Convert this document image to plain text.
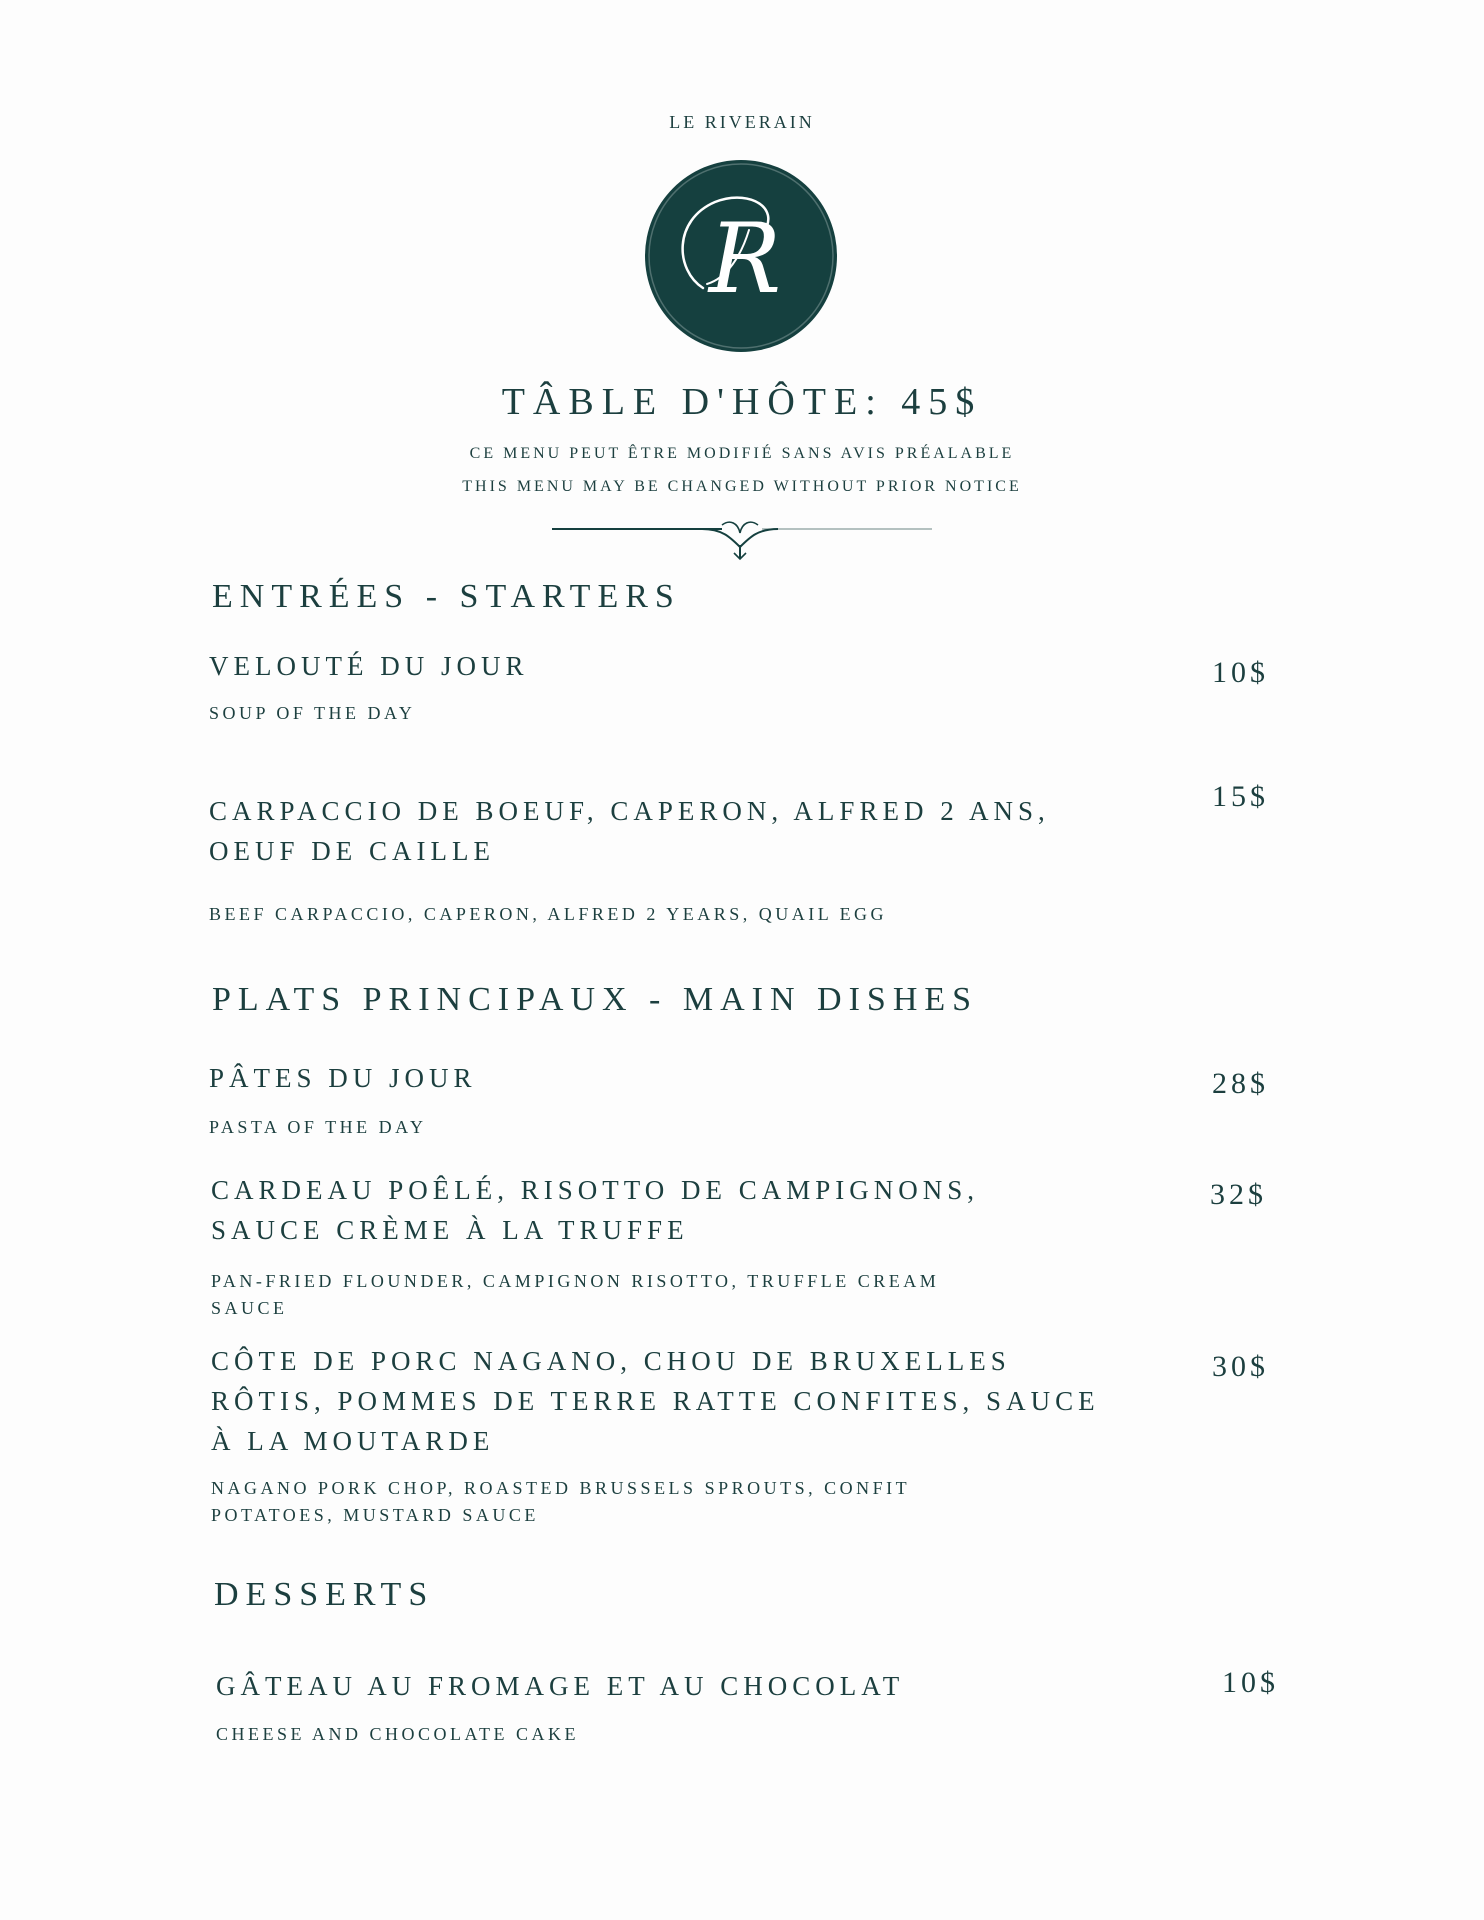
LE RIVERAIN
R
TÂBLE D'HÔTE: 45$
CE MENU PEUT ÊTRE MODIFIÉ SANS AVIS PRÉALABLE
THIS MENU MAY BE CHANGED WITHOUT PRIOR NOTICE
ENTRÉES - STARTERS
VELOUTÉ DU JOUR
SOUP OF THE DAY
10$
CARPACCIO DE BOEUF, CAPERON, ALFRED 2 ANS, OEUF DE CAILLE
BEEF CARPACCIO, CAPERON, ALFRED 2 YEARS, QUAIL EGG
15$
PLATS PRINCIPAUX - MAIN DISHES
PÂTES DU JOUR
PASTA OF THE DAY
28$
CARDEAU POÊLÉ, RISOTTO DE CAMPIGNONS, SAUCE CRÈME À LA TRUFFE
PAN-FRIED FLOUNDER, CAMPIGNON RISOTTO, TRUFFLE CREAM SAUCE
32$
CÔTE DE PORC NAGANO, CHOU DE BRUXELLES RÔTIS, POMMES DE TERRE RATTE CONFITES, SAUCE À LA MOUTARDE
NAGANO PORK CHOP, ROASTED BRUSSELS SPROUTS, CONFIT POTATOES, MUSTARD SAUCE
30$
DESSERTS
GÂTEAU AU FROMAGE ET AU CHOCOLAT
CHEESE AND CHOCOLATE CAKE
10$
